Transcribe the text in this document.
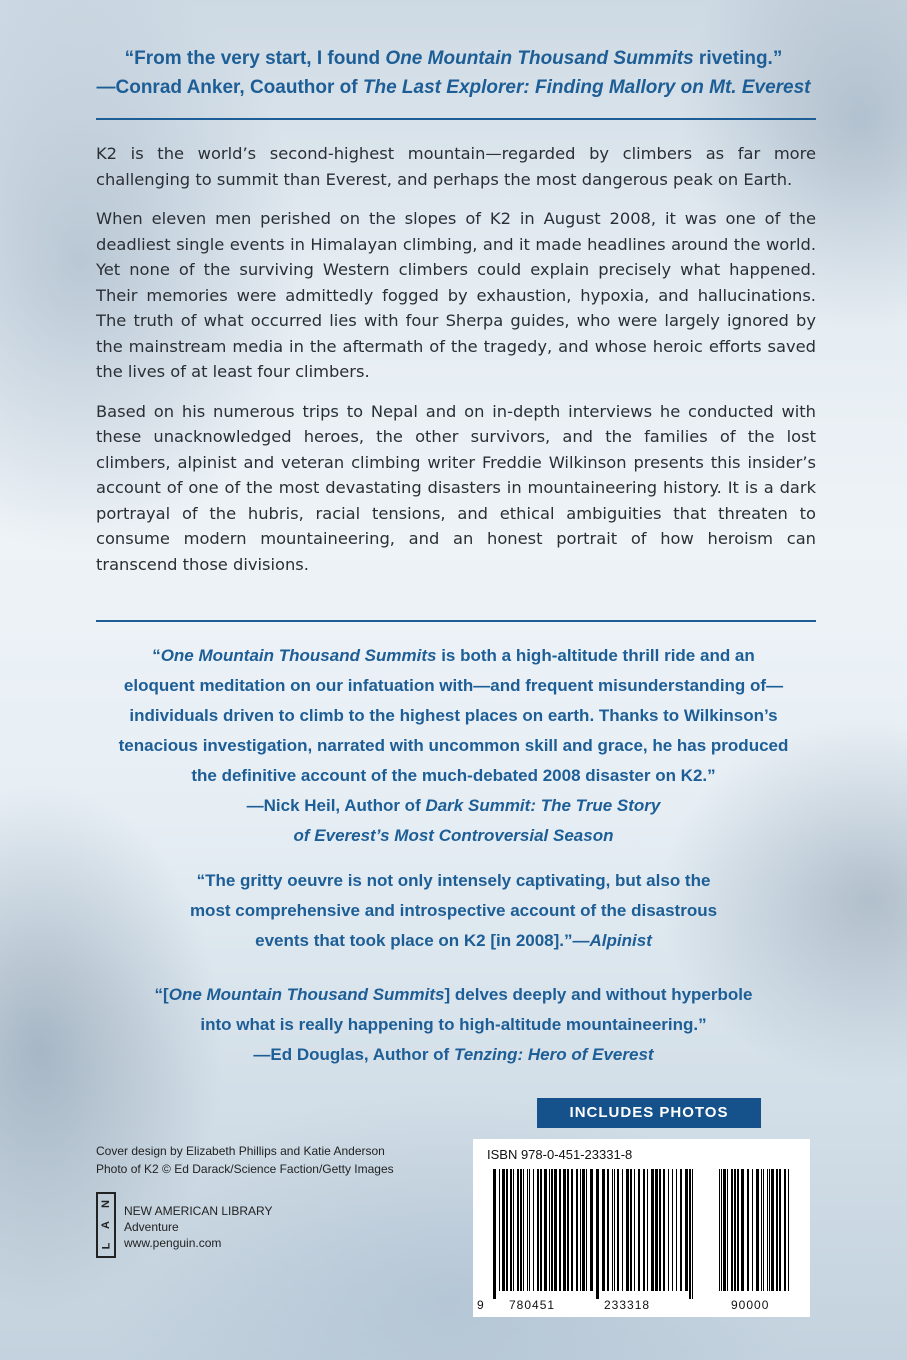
“From the very start, I found One Mountain Thousand Summits riveting.”
—Conrad Anker, Coauthor of The Last Explorer: Finding Mallory on Mt. Everest

K2 is the world’s second-highest mountain—regarded by climbers as far more challenging to summit than Everest, and perhaps the most dangerous peak on Earth.

When eleven men perished on the slopes of K2 in August 2008, it was one of the deadliest single events in Himalayan climbing, and it made headlines around the world. Yet none of the surviving Western climbers could explain precisely what happened. Their memories were admittedly fogged by exhaustion, hypoxia, and hallucinations. The truth of what occurred lies with four Sherpa guides, who were largely ignored by the mainstream media in the aftermath of the tragedy, and whose heroic efforts saved the lives of at least four climbers.

Based on his numerous trips to Nepal and on in-depth interviews he conducted with these unacknowledged heroes, the other survivors, and the families of the lost climbers, alpinist and veteran climbing writer Freddie Wilkinson presents this insider’s account of one of the most devastating disasters in mountaineering history. It is a dark portrayal of the hubris, racial tensions, and ethical ambiguities that threaten to consume modern mountaineering, and an honest portrait of how heroism can transcend those divisions.

“One Mountain Thousand Summits is both a high-altitude thrill ride and an
eloquent meditation on our infatuation with—and frequent misunderstanding of—
individuals driven to climb to the highest places on earth. Thanks to Wilkinson’s
tenacious investigation, narrated with uncommon skill and grace, he has produced
the definitive account of the much-debated 2008 disaster on K2.”
—Nick Heil, Author of Dark Summit: The True Story
of Everest’s Most Controversial Season
“The gritty oeuvre is not only intensely captivating, but also the
most comprehensive and introspective account of the disastrous
events that took place on K2 [in 2008].”—Alpinist
“[One Mountain Thousand Summits] delves deeply and without hyperbole
into what is really happening to high-altitude mountaineering.”
—Ed Douglas, Author of Tenzing: Hero of Everest
INCLUDES PHOTOS
Cover design by Elizabeth Phillips and Katie Anderson
Photo of K2 © Ed Darack/Science Faction/Getty Images
N
A
L
NEW AMERICAN LIBRARY
Adventure
www.penguin.com
ISBN 978-0-451-23331-8
9 780451	233318	90000
